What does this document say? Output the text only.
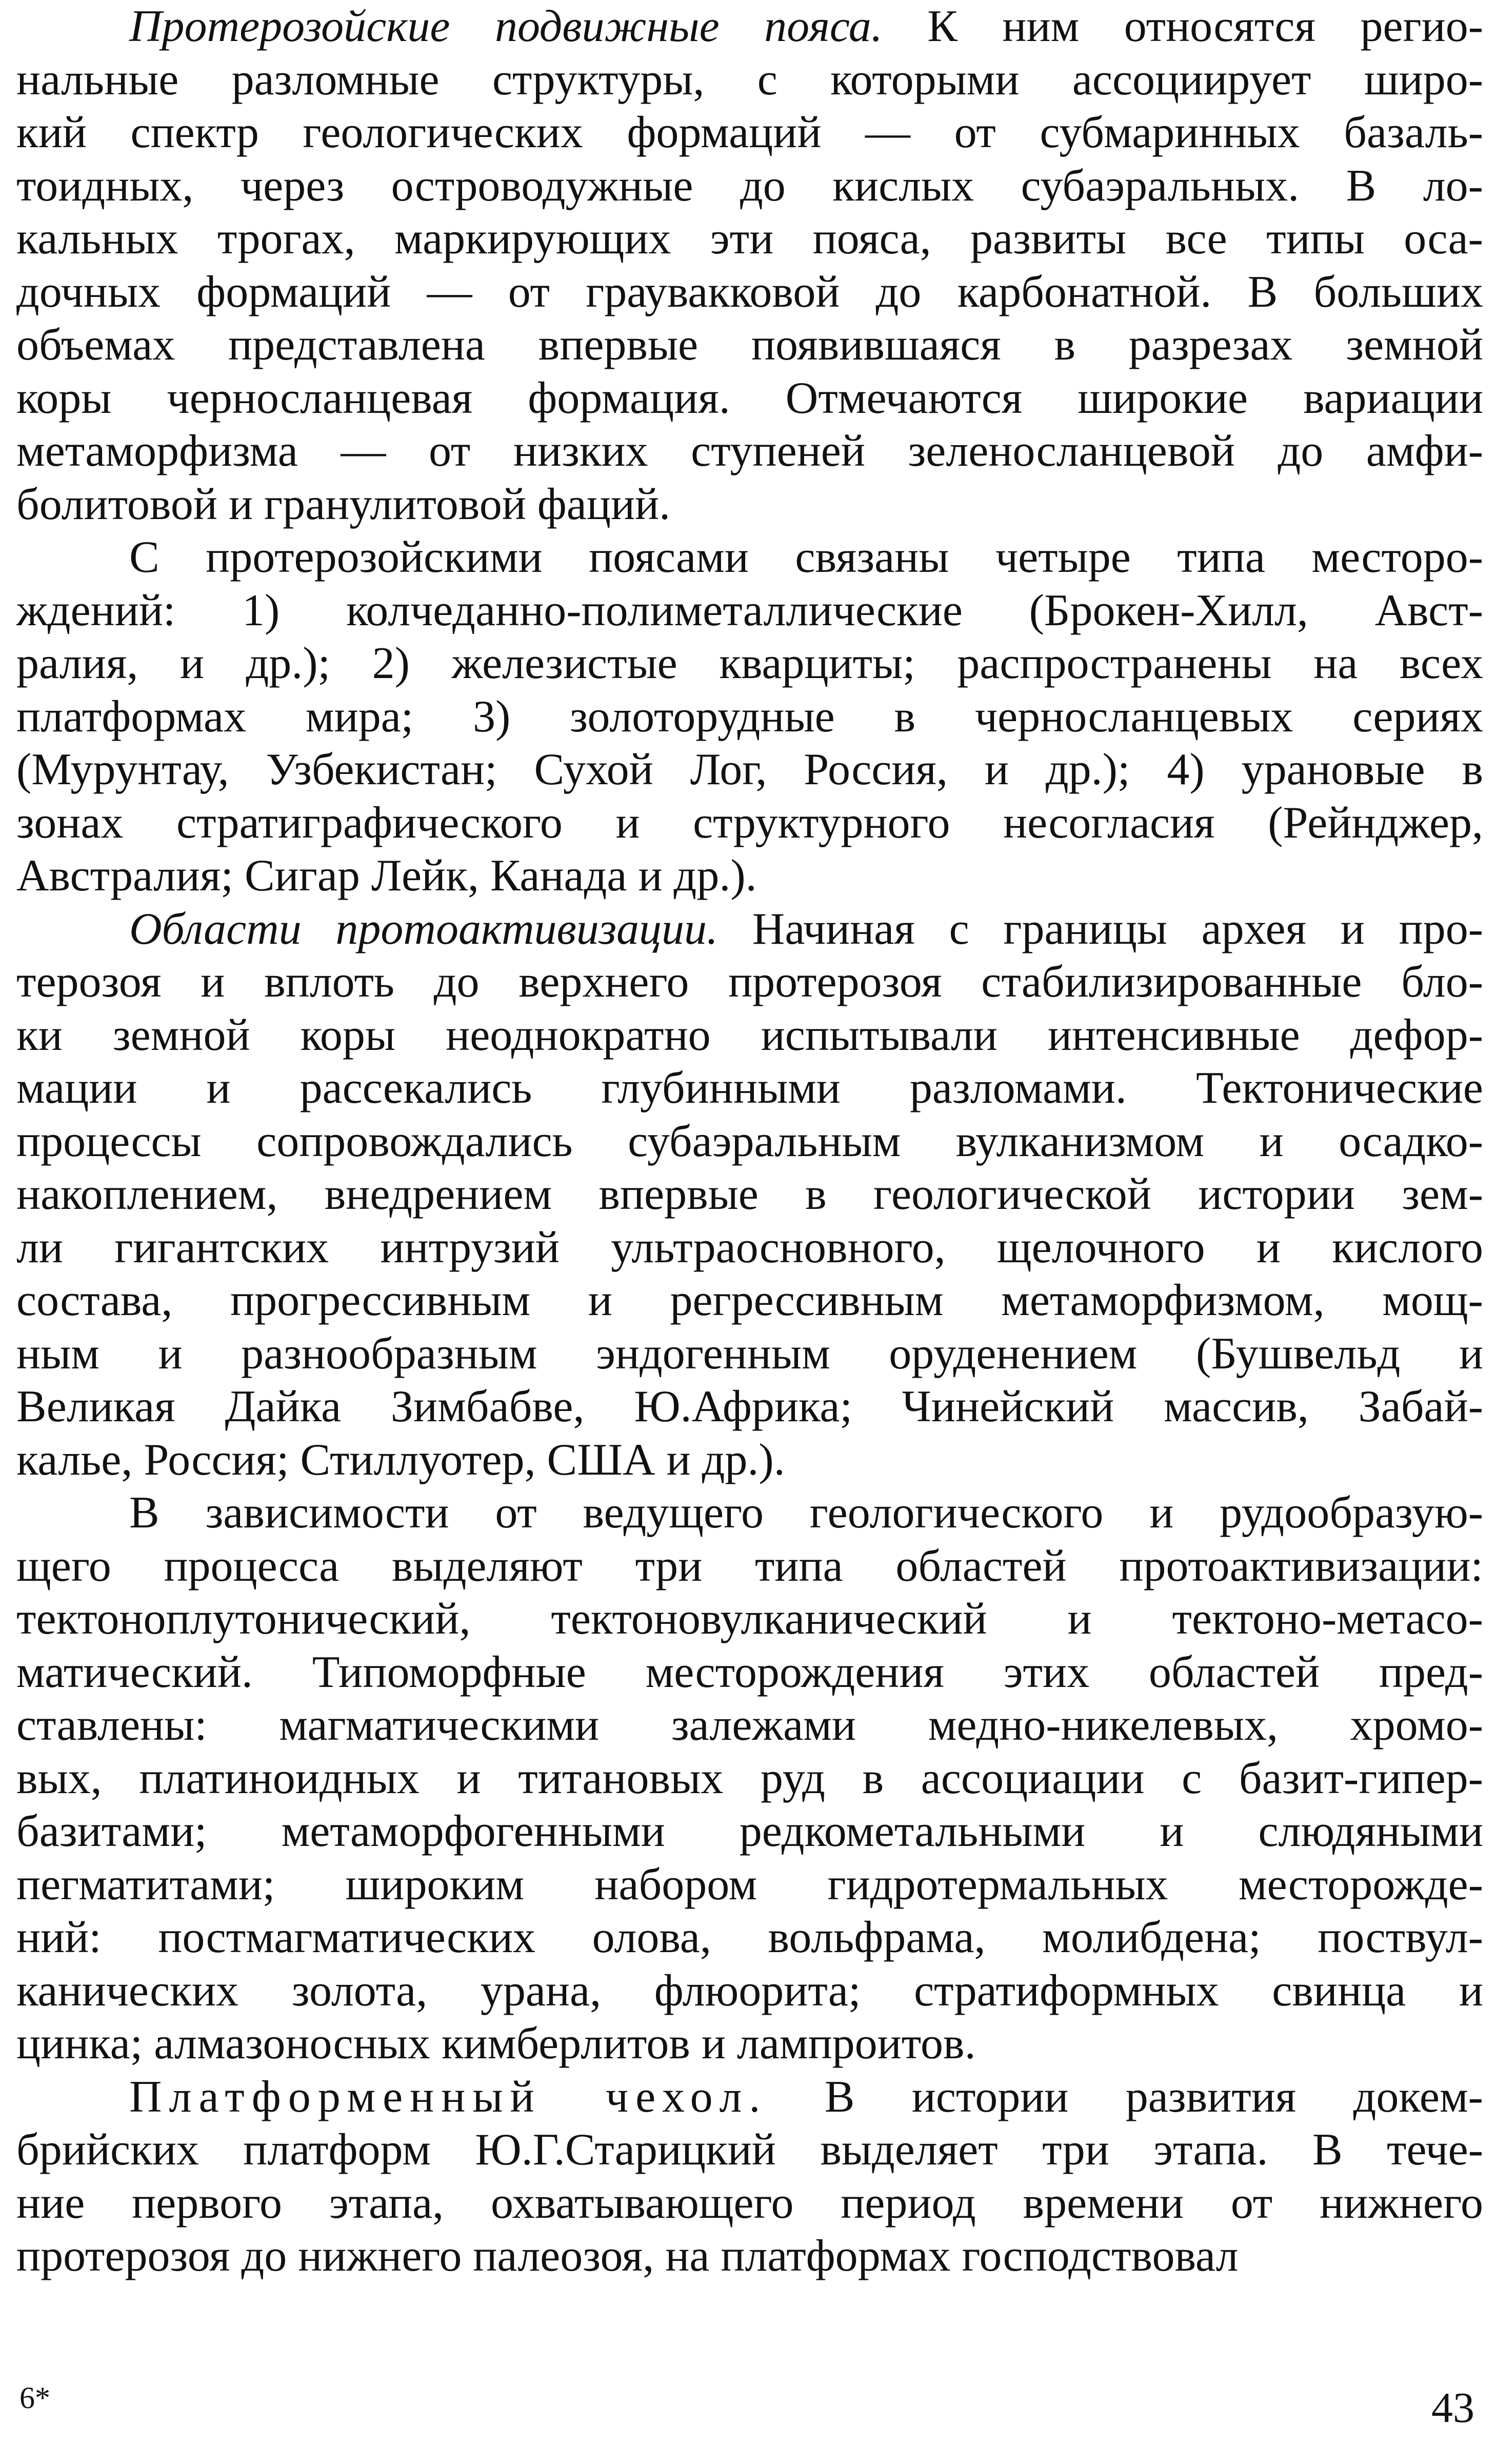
Протерозойские подвижные пояса. К ним относятся регио-
нальные разломные структуры, с которыми ассоциирует широ-
кий спектр геологических формаций — от субмаринных базаль-
тоидных, через островодужные до кислых субаэральных. В ло-
кальных трогах, маркирующих эти пояса, развиты все типы оса-
дочных формаций — от граувакковой до карбонатной. В больших
объемах представлена впервые появившаяся в разрезах земной
коры черносланцевая формация. Отмечаются широкие вариации
метаморфизма — от низких ступеней зеленосланцевой до амфи-
болитовой и гранулитовой фаций.
С протерозойскими поясами связаны четыре типа месторо-
ждений: 1) колчеданно-полиметаллические (Брокен-Хилл, Авст-
ралия, и др.); 2) железистые кварциты; распространены на всех
платформах мира; 3) золоторудные в черносланцевых сериях
(Мурунтау, Узбекистан; Сухой Лог, Россия, и др.); 4) урановые в
зонах стратиграфического и структурного несогласия (Рейнджер,
Австралия; Сигар Лейк, Канада и др.).
Области протоактивизации. Начиная с границы архея и про-
терозоя и вплоть до верхнего протерозоя стабилизированные бло-
ки земной коры неоднократно испытывали интенсивные дефор-
мации и рассекались глубинными разломами. Тектонические
процессы сопровождались субаэральным вулканизмом и осадко-
накоплением, внедрением впервые в геологической истории зем-
ли гигантских интрузий ультраосновного, щелочного и кислого
состава, прогрессивным и регрессивным метаморфизмом, мощ-
ным и разнообразным эндогенным оруденением (Бушвельд и
Великая Дайка Зимбабве, Ю.Африка; Чинейский массив, Забай-
калье, Россия; Стиллуотер, США и др.).
В зависимости от ведущего геологического и рудообразую-
щего процесса выделяют три типа областей протоактивизации:
тектоноплутонический, тектоновулканический и тектоно-метасо-
матический. Типоморфные месторождения этих областей пред-
ставлены: магматическими залежами медно-никелевых, хромо-
вых, платиноидных и титановых руд в ассоциации с базит-гипер-
базитами; метаморфогенными редкометальными и слюдяными
пегматитами; широким набором гидротермальных месторожде-
ний: постмагматических олова, вольфрама, молибдена; поствул-
канических золота, урана, флюорита; стратиформных свинца и
цинка; алмазоносных кимберлитов и лампроитов.
Платформенный чехол. В истории развития докем-
брийских платформ Ю.Г.Старицкий выделяет три этапа. В тече-
ние первого этапа, охватывающего период времени от нижнего
протерозоя до нижнего палеозоя, на платформах господствовал
6*	43
